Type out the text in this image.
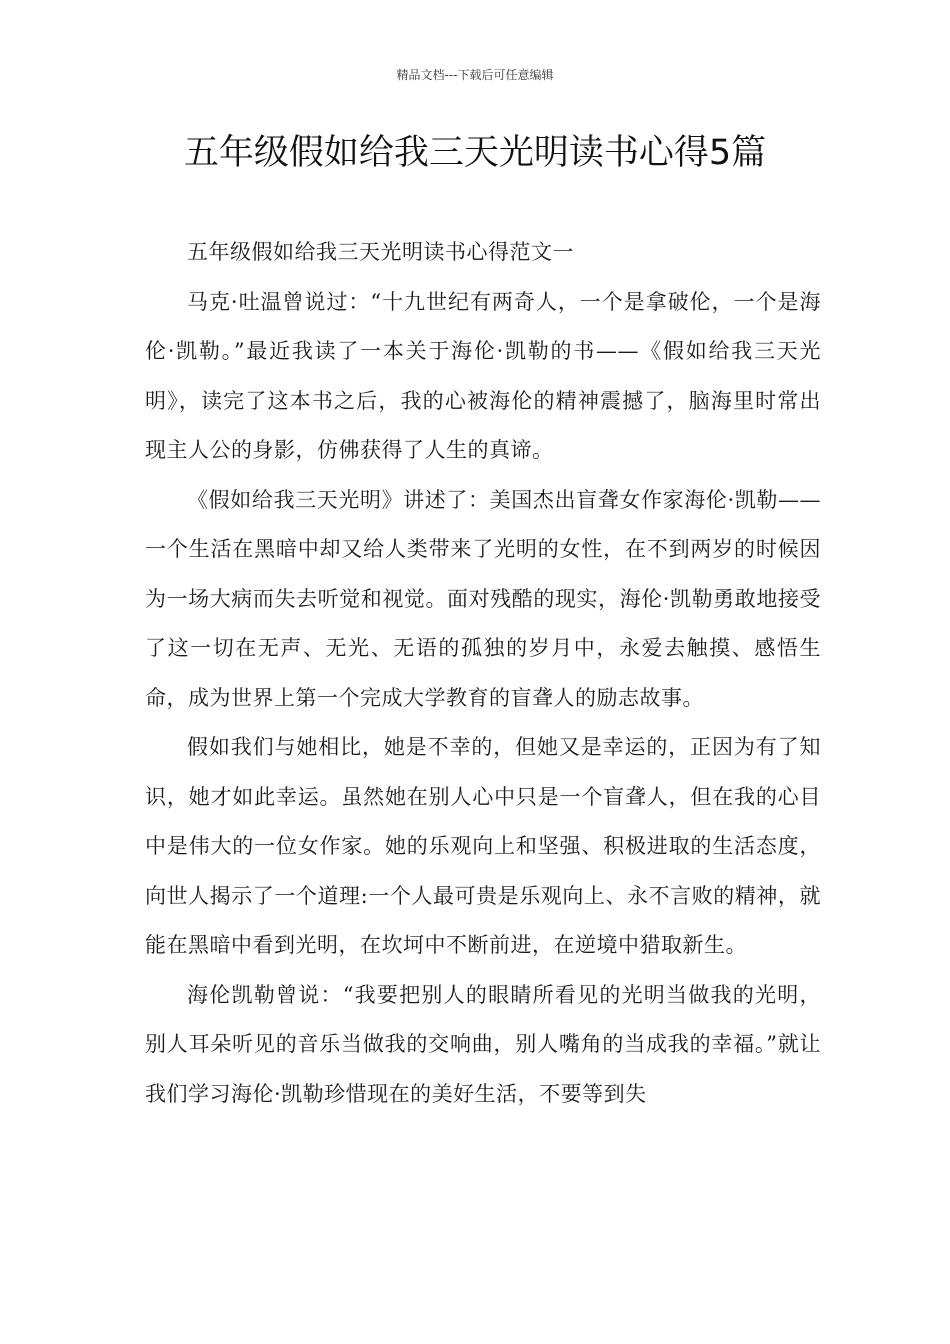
精品文档---下载后可任意编辑
五年级假如给我三天光明读书心得5篇

五年级假如给我三天光明读书心得范文一

马克·吐温曾说过：“十九世纪有两奇人，一个是拿破伦，一个是海伦·凯勒。”最近我读了一本关于海伦·凯勒的书——《假如给我三天光明》，读完了这本书之后，我的心被海伦的精神震撼了，脑海里时常出现主人公的身影，仿佛获得了人生的真谛。

《假如给我三天光明》讲述了：美国杰出盲聋女作家海伦·凯勒——一个生活在黑暗中却又给人类带来了光明的女性，在不到两岁的时候因为一场大病而失去听觉和视觉。面对残酷的现实，海伦·凯勒勇敢地接受了这一切在无声、无光、无语的孤独的岁月中，永爱去触摸、感悟生命，成为世界上第一个完成大学教育的盲聋人的励志故事。

假如我们与她相比，她是不幸的，但她又是幸运的，正因为有了知识，她才如此幸运。虽然她在别人心中只是一个盲聋人，但在我的心目中是伟大的一位女作家。她的乐观向上和坚强、积极进取的生活态度，向世人揭示了一个道理:一个人最可贵是乐观向上、永不言败的精神，就能在黑暗中看到光明，在坎坷中不断前进，在逆境中猎取新生。

海伦凯勒曾说：“我要把别人的眼睛所看见的光明当做我的光明，别人耳朵听见的音乐当做我的交响曲，别人嘴角的当成我的幸福。”就让我们学习海伦·凯勒珍惜现在的美好生活，不要等到失
